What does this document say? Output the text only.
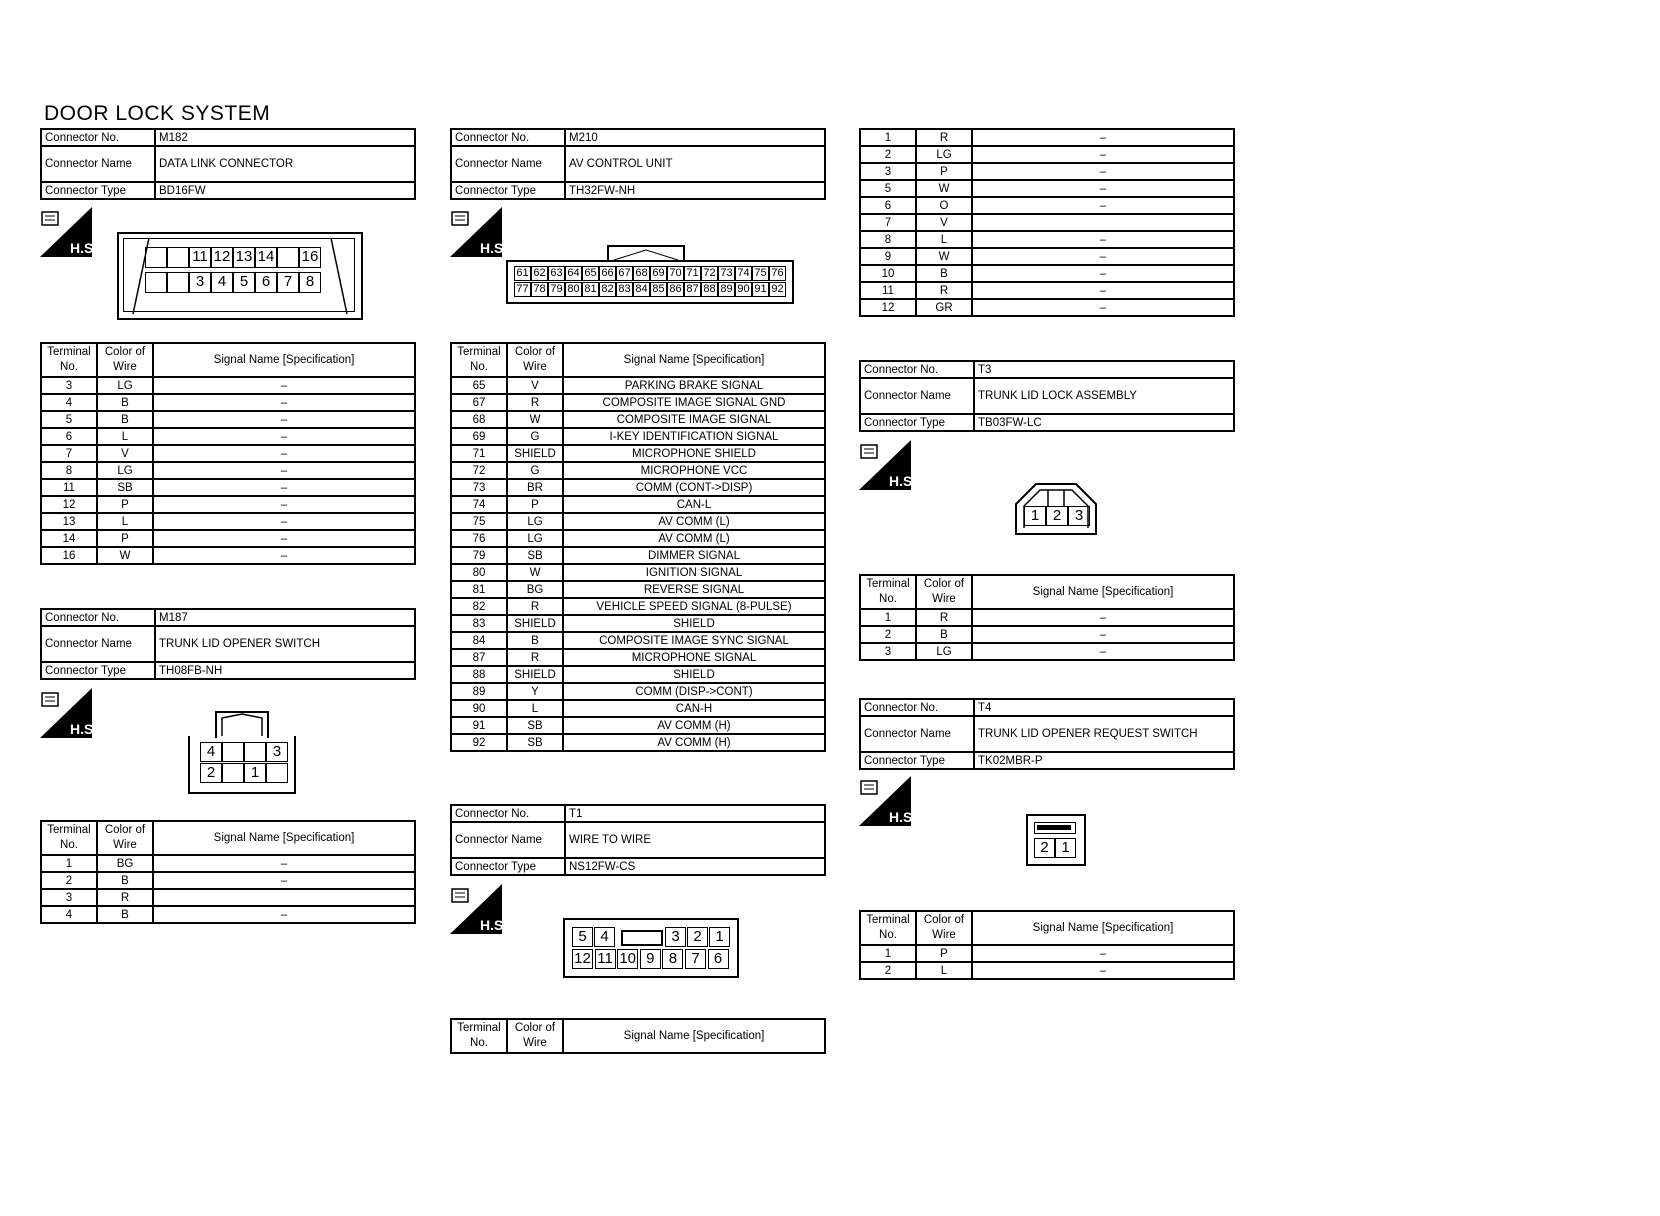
DOOR LOCK SYSTEM
Connector No.	M182
Connector Name	DATA LINK CONNECTOR
Connector Type	BD16FW
H.S.	11 12 13 14 16
3 4 5 6 7 8
Terminal No.	Color of Wire	Signal Name [Specification]
3	LG	–
4	B	–
5	B	–
6	L	–
7	V	–
8	LG	–
11	SB	–
12	P	–
13	L	–
14	P	–
16	W	–
Connector No.	M187
Connector Name	TRUNK LID OPENER SWITCH
Connector Type	TH08FB-NH
H.S.
4	3
2	1
Terminal No.	Color of Wire	Signal Name [Specification]
1	BG	–
2	B	–
3	R	
4	B	–
Connector No.	M210
Connector Name	AV CONTROL UNIT
Connector Type	TH32FW-NH
H.S.
61 62 63 64 65 66 67 68 69 70 71 72 73 74 75 76
77 78 79 80 81 82 83 84 85 86 87 88 89 90 91 92
Terminal No.	Color of Wire	Signal Name [Specification]
65	V	PARKING BRAKE SIGNAL
67	R	COMPOSITE IMAGE SIGNAL GND
68	W	COMPOSITE IMAGE SIGNAL
69	G	I-KEY IDENTIFICATION SIGNAL
71	SHIELD	MICROPHONE SHIELD
72	G	MICROPHONE VCC
73	BR	COMM (CONT->DISP)
74	P	CAN-L
75	LG	AV COMM (L)
76	LG	AV COMM (L)
79	SB	DIMMER SIGNAL
80	W	IGNITION SIGNAL
81	BG	REVERSE SIGNAL
82	R	VEHICLE SPEED SIGNAL (8-PULSE)
83	SHIELD	SHIELD
84	B	COMPOSITE IMAGE SYNC SIGNAL
87	R	MICROPHONE SIGNAL
88	SHIELD	SHIELD
89	Y	COMM (DISP->CONT)
90	L	CAN-H
91	SB	AV COMM (H)
92	SB	AV COMM (H)
Connector No.	T1
Connector Name	WIRE TO WIRE
Connector Type	NS12FW-CS
H.S.
5 4	3 2 1
12 11 10 9 8 7 6
Terminal No.	Color of Wire	Signal Name [Specification]
1	R	–
2	LG	–
3	P	–
5	W	–
6	O	–
7	V	
8	L	–
9	W	–
10	B	–
11	R	–
12	GR	–
Connector No.	T3
Connector Name	TRUNK LID LOCK ASSEMBLY
Connector Type	TB03FW-LC
H.S.
1 2 3
Terminal No.	Color of Wire	Signal Name [Specification]
1	R	–
2	B	–
3	LG	–
Connector No.	T4
Connector Name	TRUNK LID OPENER REQUEST SWITCH
Connector Type	TK02MBR-P
H.S.
2 1
Terminal No.	Color of Wire	Signal Name [Specification]
1	P	–
2	L	–
